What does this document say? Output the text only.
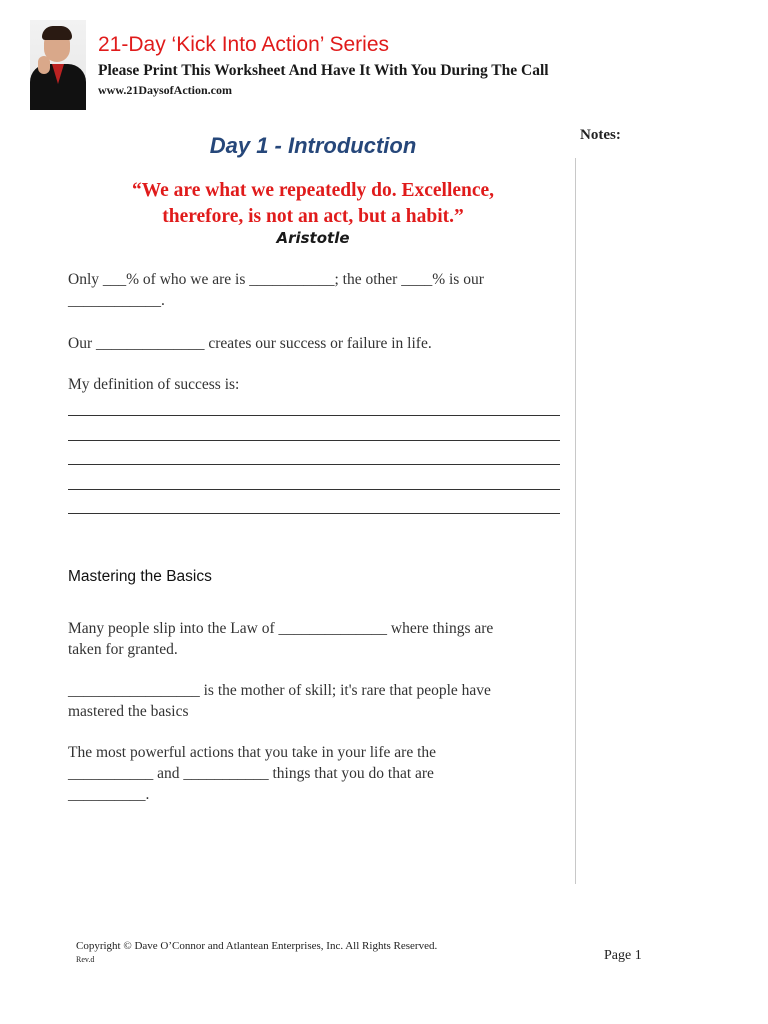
21-Day ‘Kick Into Action’ Series
Please Print This Worksheet And Have It With You During The Call
www.21DaysofAction.com
Notes:
Day 1 - Introduction
“We are what we repeatedly do. Excellence,
therefore, is not an act, but a habit.”
Aristotle
Only ___% of who we are is ___________; the other ____% is our
____________.
Our ______________ creates our success or failure in life.
My definition of success is:
Mastering the Basics
Many people slip into the Law of ______________ where things are
taken for granted.
_________________ is the mother of skill; it's rare that people have
mastered the basics
The most powerful actions that you take in your life are the
___________ and ___________ things that you do that are
__________.
Copyright © Dave O’Connor and Atlantean Enterprises, Inc. All Rights Reserved.
Rev.d	Page 1
